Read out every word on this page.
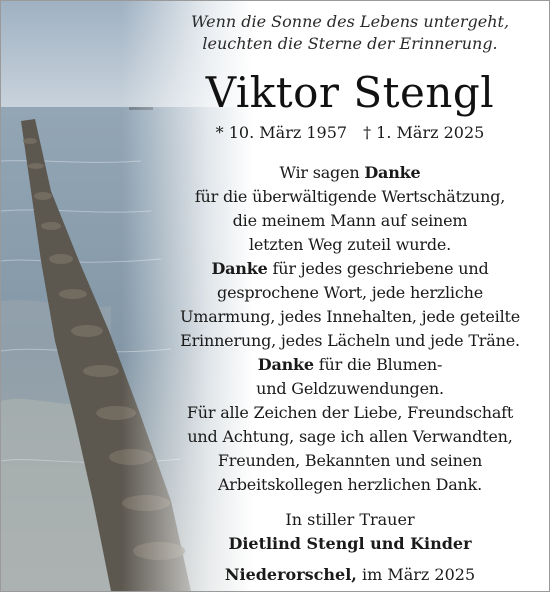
Wenn die Sonne des Lebens untergeht,
leuchten die Sterne der Erinnerung.
Viktor Stengl
* 10. März 1957 † 1. März 2025
Wir sagen Danke
für die überwältigende Wertschätzung,
die meinem Mann auf seinem
letzten Weg zuteil wurde.
Danke für jedes geschriebene und
gesprochene Wort, jede herzliche
Umarmung, jedes Innehalten, jede geteilte
Erinnerung, jedes Lächeln und jede Träne.
Danke für die Blumen-
und Geldzuwendungen.
Für alle Zeichen der Liebe, Freundschaft
und Achtung, sage ich allen Verwandten,
Freunden, Bekannten und seinen
Arbeitskollegen herzlichen Dank.
In stiller Trauer
Dietlind Stengl und Kinder
Niederorschel, im März 2025
